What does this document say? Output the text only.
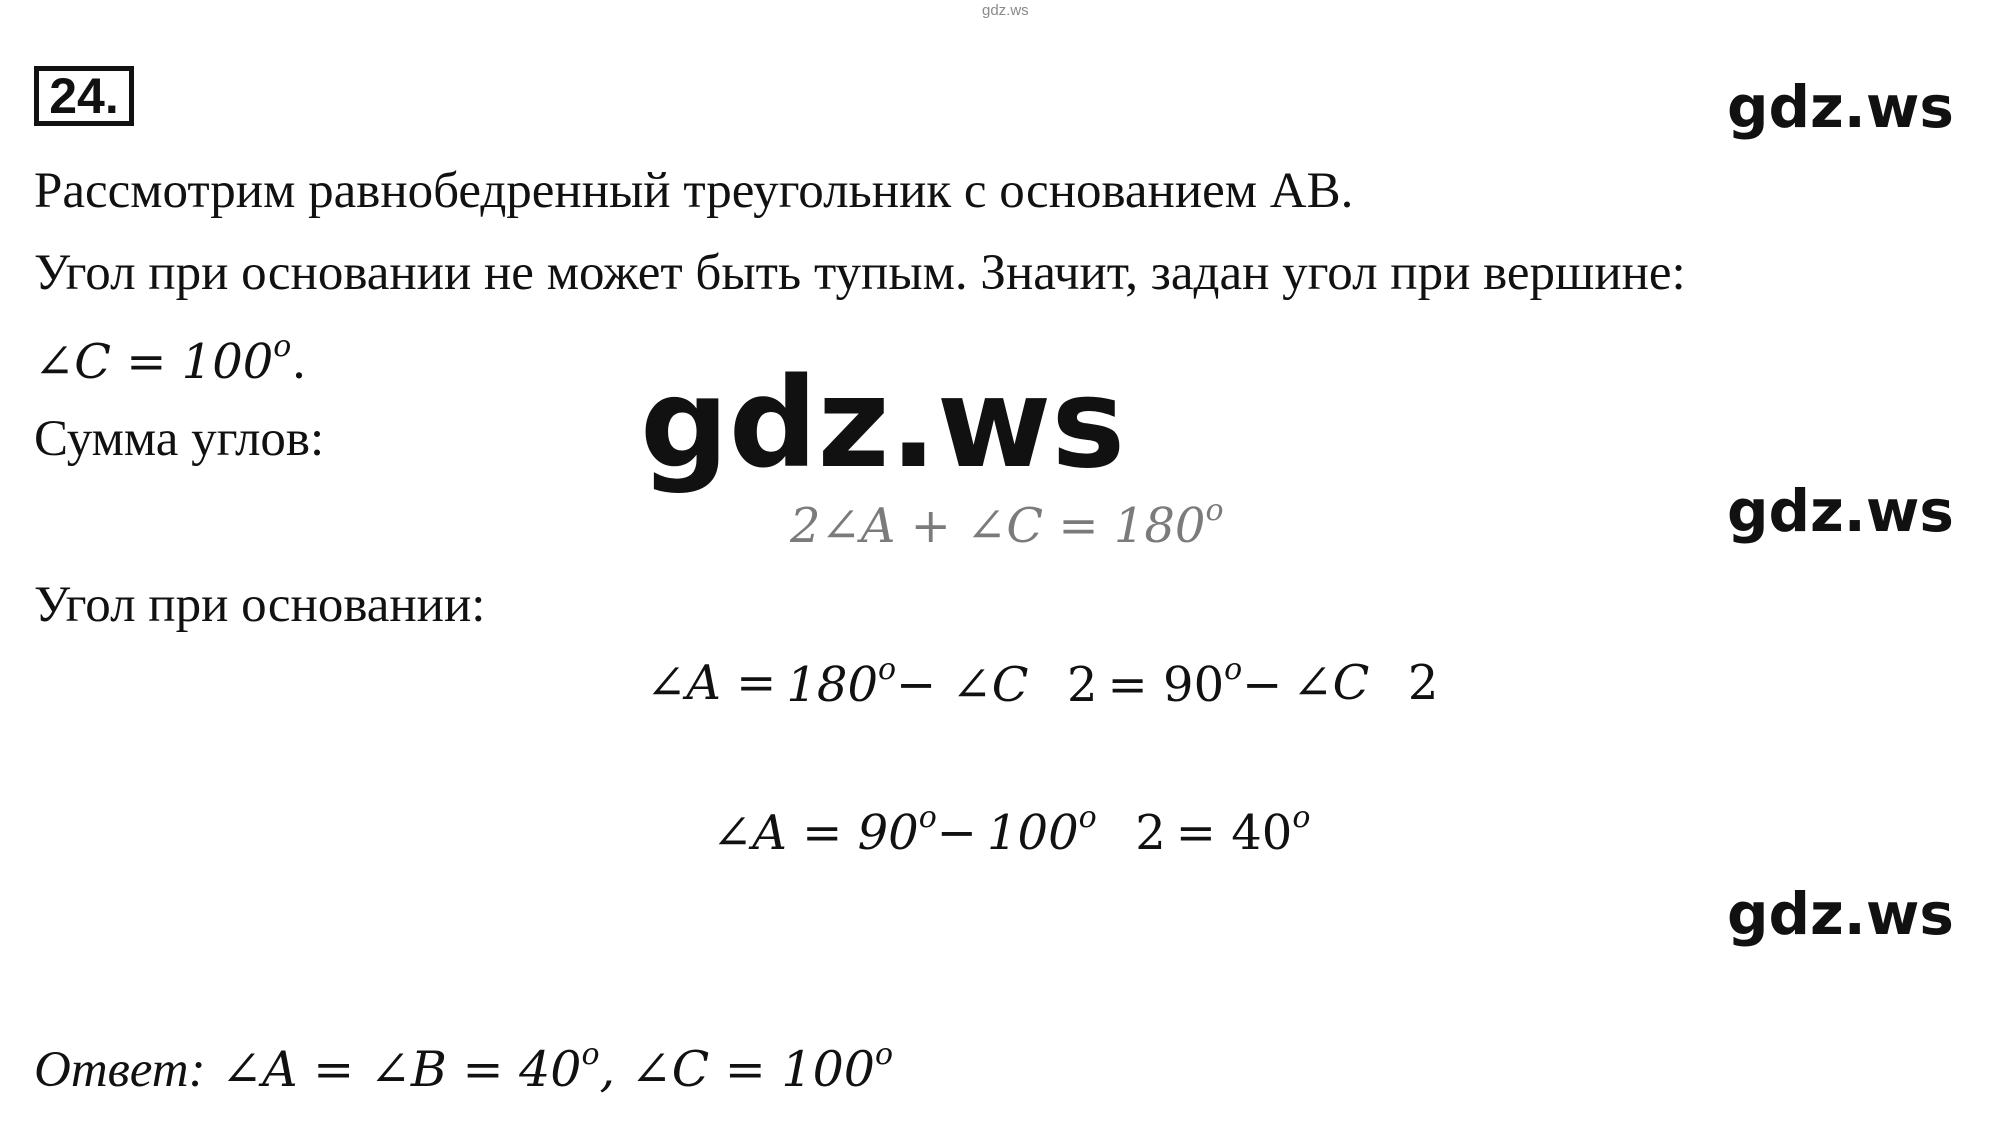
gdz.ws
24.	gdz.ws
gdz.ws
gdz.ws
Рассмотрим равнобедренный треугольник с основанием AB.
Угол при основании не может быть тупым. Значит, задан угол при вершине:
∠C = $100^o$.
Сумма углов:	gdz.ws
2∠A + ∠C = $180^o$
Угол при основании:
∠A = $180^o-$ ∠C $2 = 90^o-$ ∠C 2
∠A = $90^o- 100^o$ $2 = 40^o$
Ответ: ∠A = ∠B = $40^o$, ∠C = $100^o$
